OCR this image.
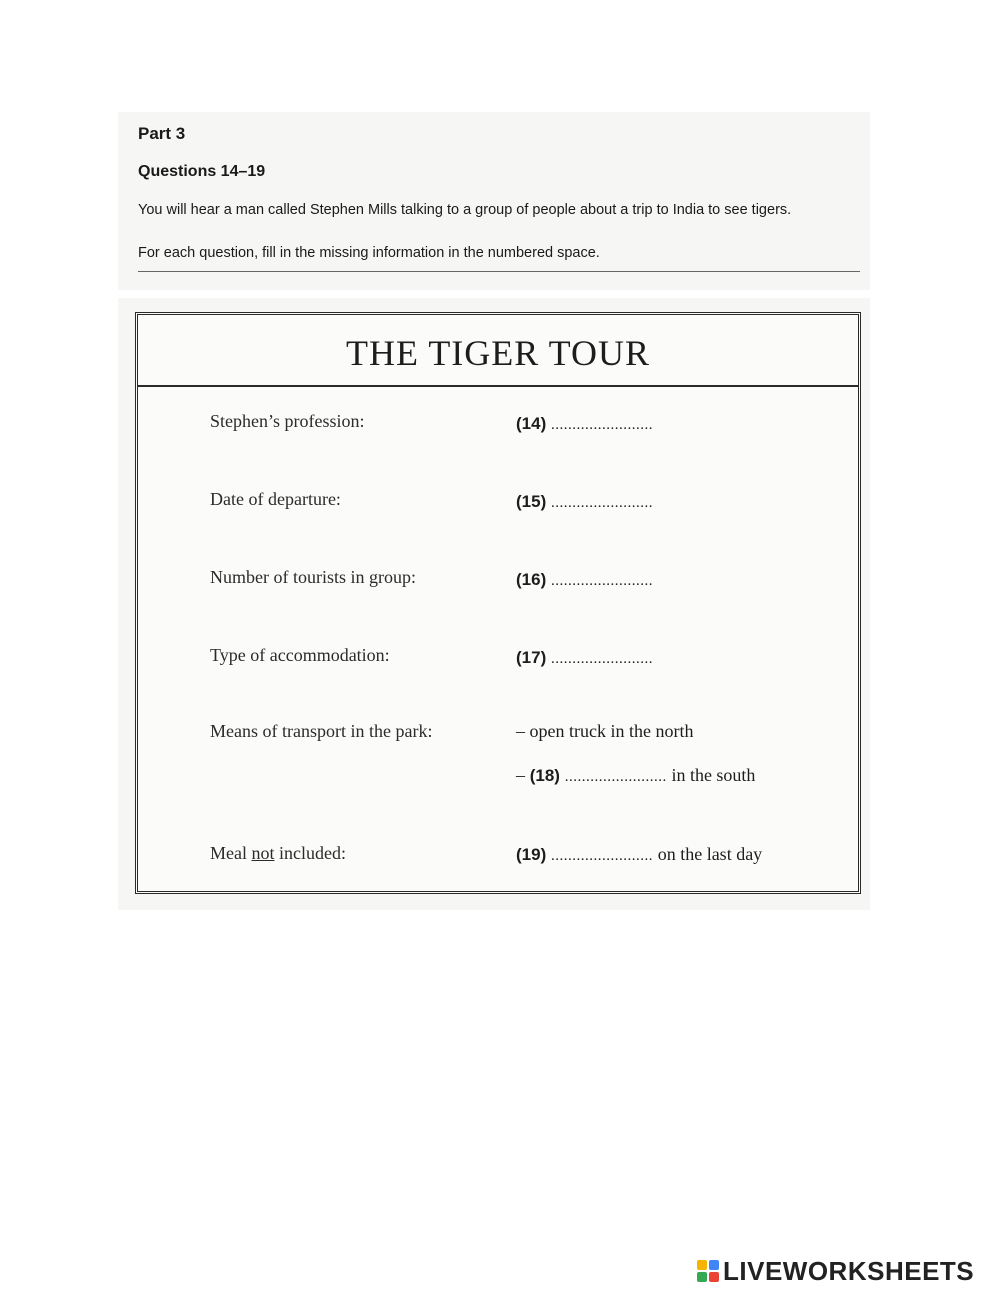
Part 3
Questions 14–19
You will hear a man called Stephen Mills talking to a group of people about a trip to India to see tigers.
For each question, fill in the missing information in the numbered space.
THE TIGER TOUR
Stephen’s profession:	(14) ........................
Date of departure:	(15) ........................
Number of tourists in group:	(16) ........................
Type of accommodation:	(17) ........................
Means of transport in the park:	– open truck in the north
– (18) ........................ in the south
Meal not included:	(19) ........................ on the last day
LIVEWORKSHEETS
